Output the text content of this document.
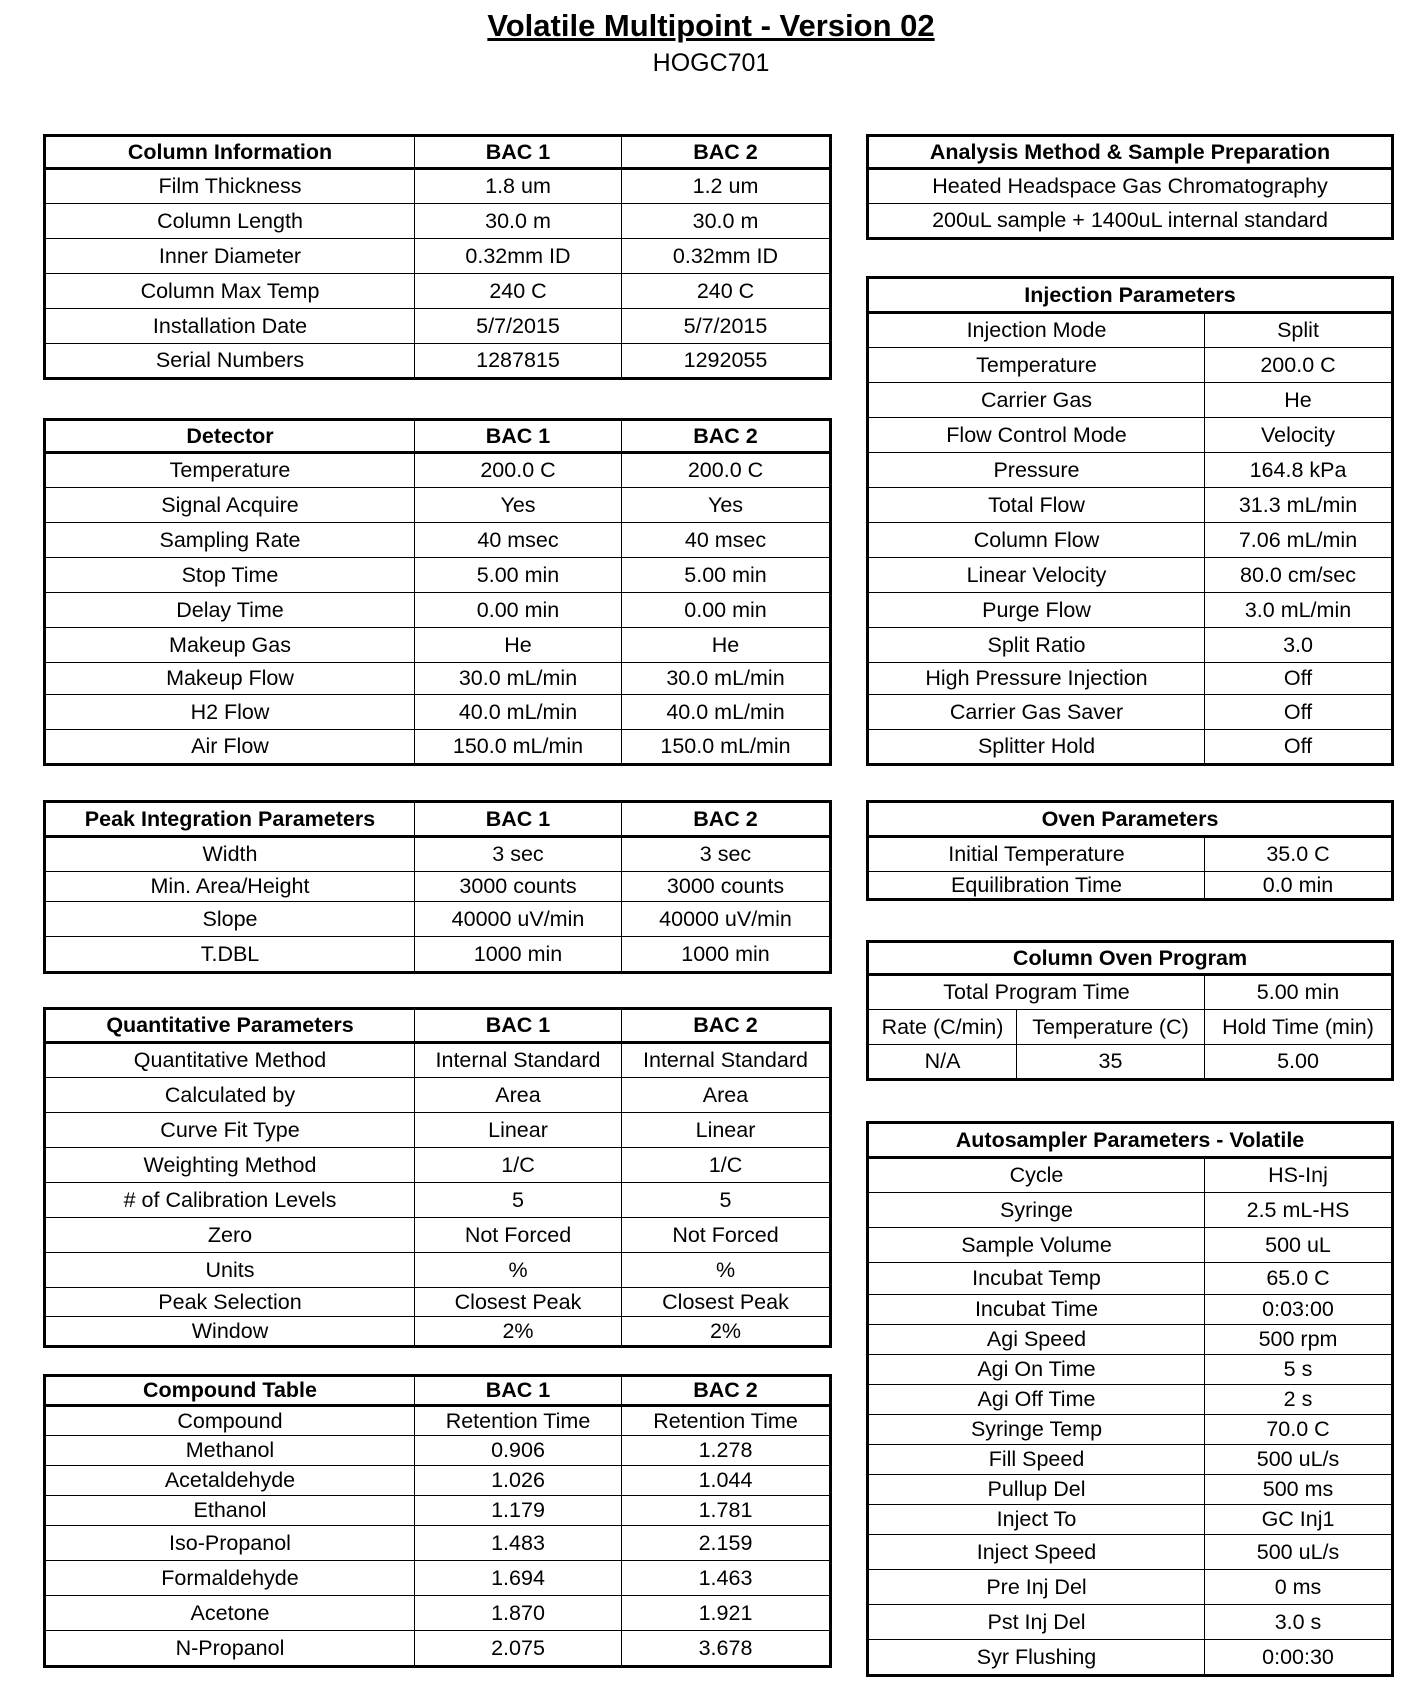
Volatile Multipoint - Version 02
HOGC701
Column Information	BAC 1	BAC 2
Film Thickness	1.8 um	1.2 um
Column Length	30.0 m	30.0 m
Inner Diameter	0.32mm ID	0.32mm ID
Column Max Temp	240 C	240 C
Installation Date	5/7/2015	5/7/2015
Serial Numbers	1287815	1292055
Detector	BAC 1	BAC 2
Temperature	200.0 C	200.0 C
Signal Acquire	Yes	Yes
Sampling Rate	40 msec	40 msec
Stop Time	5.00 min	5.00 min
Delay Time	0.00 min	0.00 min
Makeup Gas	He	He
Makeup Flow	30.0 mL/min	30.0 mL/min
H2 Flow	40.0 mL/min	40.0 mL/min
Air Flow	150.0 mL/min	150.0 mL/min
Peak Integration Parameters	BAC 1	BAC 2
Width	3 sec	3 sec
Min. Area/Height	3000 counts	3000 counts
Slope	40000 uV/min	40000 uV/min
T.DBL	1000 min	1000 min
Quantitative Parameters	BAC 1	BAC 2
Quantitative Method	Internal Standard	Internal Standard
Calculated by	Area	Area
Curve Fit Type	Linear	Linear
Weighting Method	1/C	1/C
# of Calibration Levels	5	5
Zero	Not Forced	Not Forced
Units	%	%
Peak Selection	Closest Peak	Closest Peak
Window	2%	2%
Compound Table	BAC 1	BAC 2
Compound	Retention Time	Retention Time
Methanol	0.906	1.278
Acetaldehyde	1.026	1.044
Ethanol	1.179	1.781
Iso-Propanol	1.483	2.159
Formaldehyde	1.694	1.463
Acetone	1.870	1.921
N-Propanol	2.075	3.678
Analysis Method & Sample Preparation
Heated Headspace Gas Chromatography
200uL sample + 1400uL internal standard
Injection Parameters	
Injection Mode	Split
Temperature	200.0 C
Carrier Gas	He
Flow Control Mode	Velocity
Pressure	164.8 kPa
Total Flow	31.3 mL/min
Column Flow	7.06 mL/min
Linear Velocity	80.0 cm/sec
Purge Flow	3.0 mL/min
Split Ratio	3.0
High Pressure Injection	Off
Carrier Gas Saver	Off
Splitter Hold	Off
Oven Parameters	
Initial Temperature	35.0 C
Equilibration Time	0.0 min
Column Oven Program		
Total Program Time		5.00 min
Rate (C/min)	Temperature (C)	Hold Time (min)
N/A	35	5.00
Autosampler Parameters - Volatile	
Cycle	HS-Inj
Syringe	2.5 mL-HS
Sample Volume	500 uL
Incubat Temp	65.0 C
Incubat Time	0:03:00
Agi Speed	500 rpm
Agi On Time	5 s
Agi Off Time	2 s
Syringe Temp	70.0 C
Fill Speed	500 uL/s
Pullup Del	500 ms
Inject To	GC Inj1
Inject Speed	500 uL/s
Pre Inj Del	0 ms
Pst Inj Del	3.0 s
Syr Flushing	0:00:30
